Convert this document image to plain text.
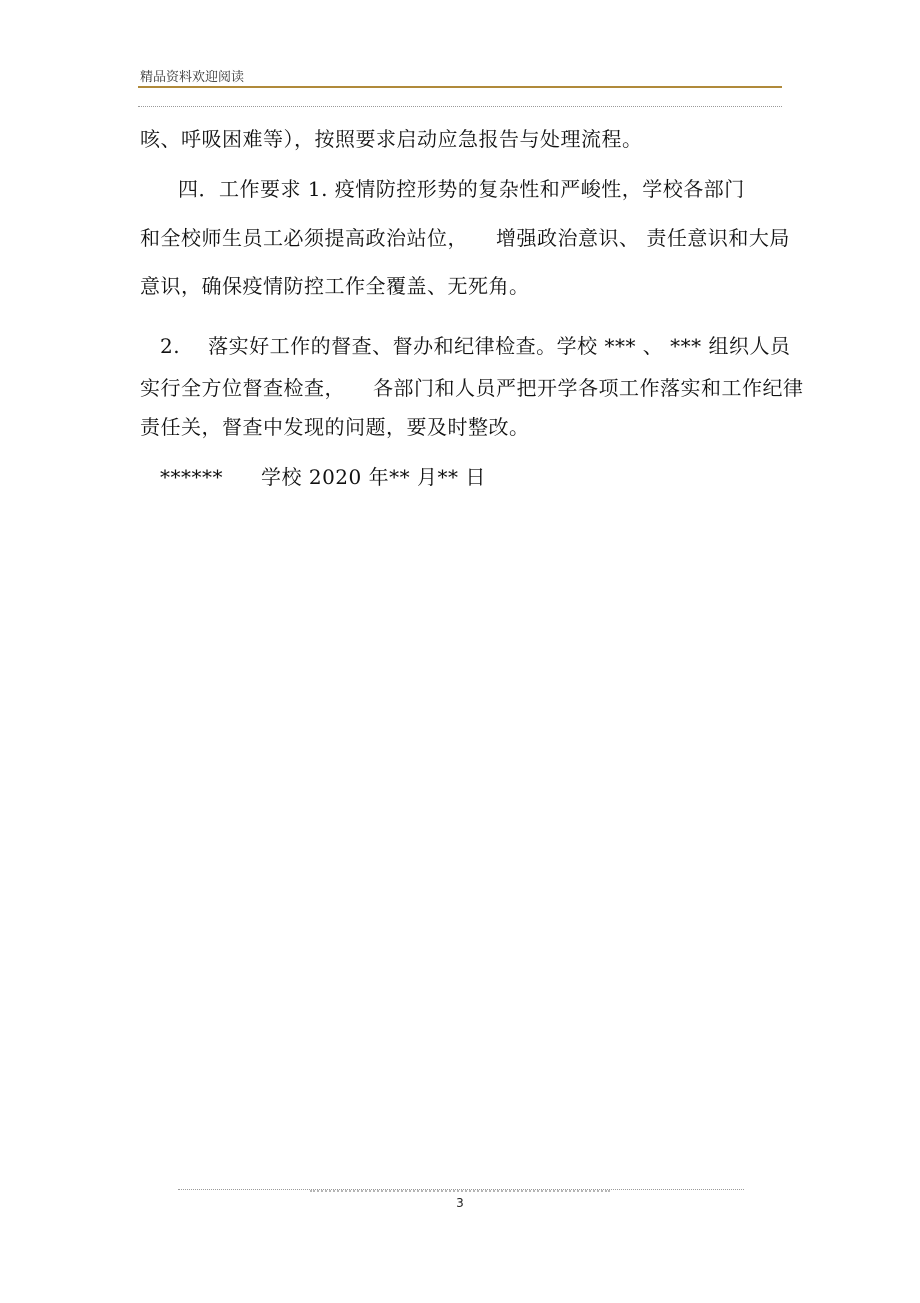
精品资料欢迎阅读
咳、呼吸困难等），按照要求启动应急报告与处理流程。
四．工作要求 1. 疫情防控形势的复杂性和严峻性，学校各部门
和全校师生员工必须提高政治站位， 增强政治意识、 责任意识和大局
意识，确保疫情防控工作全覆盖、无死角。
2. 落实好工作的督查、督办和纪律检查。学校 *** 、 *** 组织人员
实行全方位督查检查， 各部门和人员严把开学各项工作落实和工作纪律
责任关，督查中发现的问题，要及时整改。
****** 学校 2020 年** 月** 日
3
